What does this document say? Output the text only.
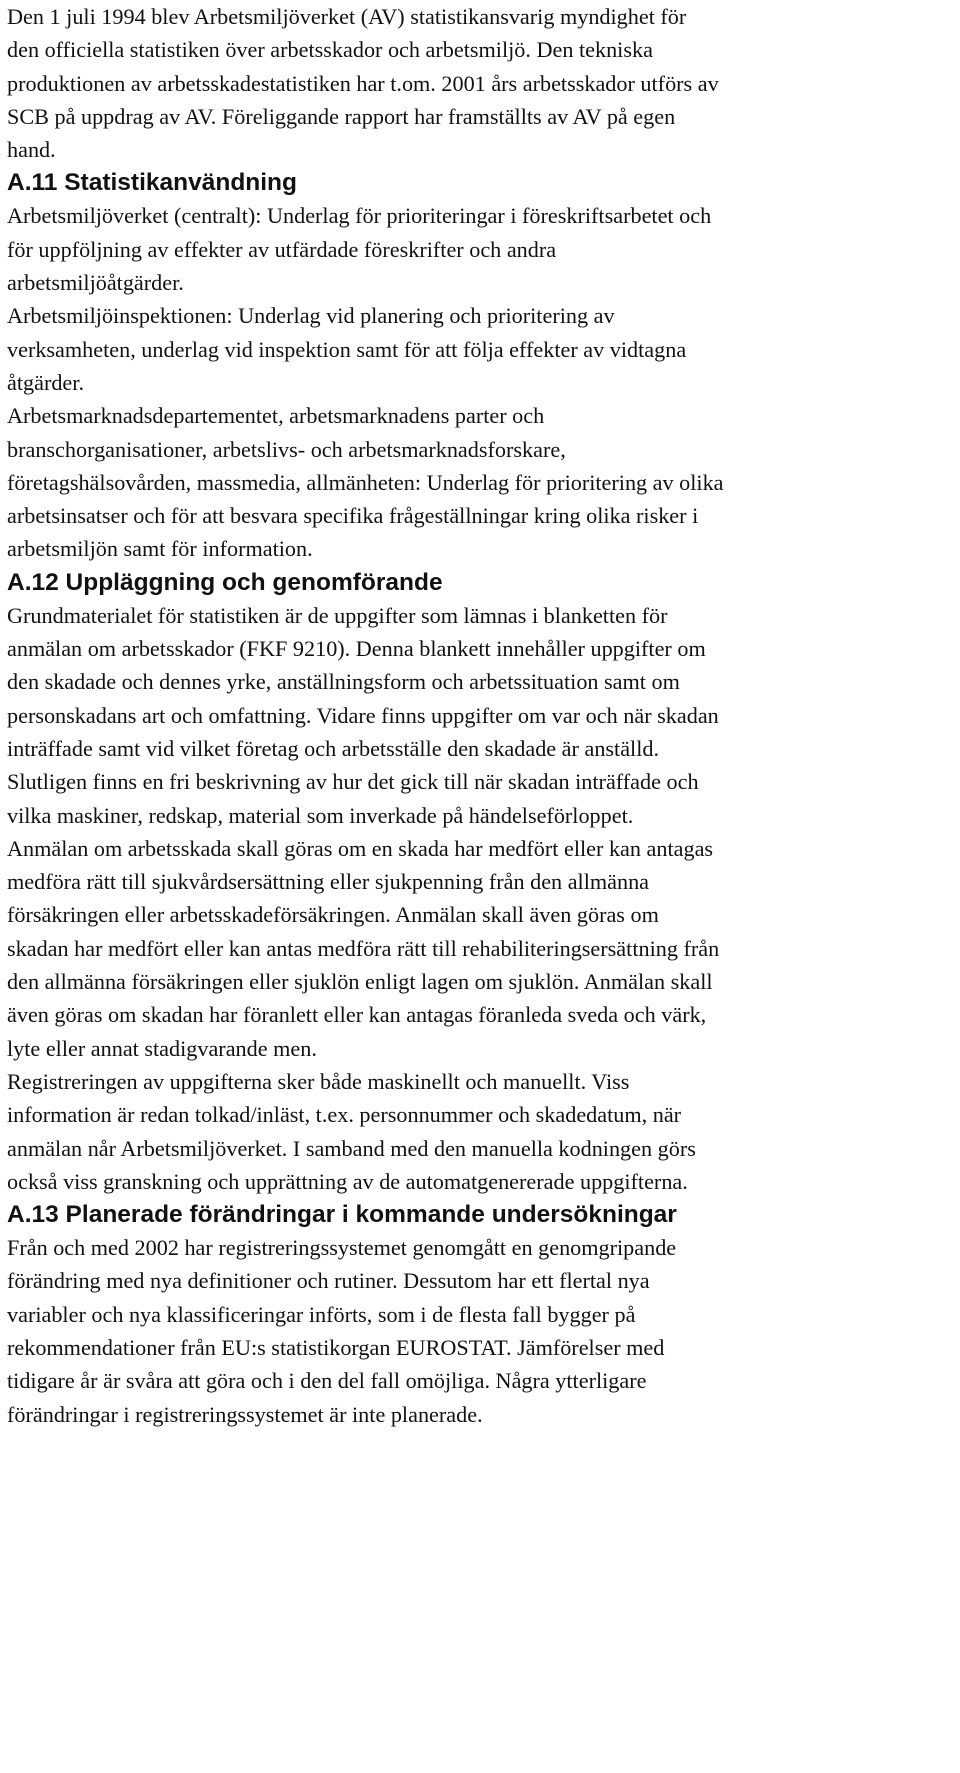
Den 1 juli 1994 blev Arbetsmiljöverket (AV) statistikansvarig myndighet för
den officiella statistiken över arbetsskador och arbetsmiljö. Den tekniska
produktionen av arbetsskadestatistiken har t.om. 2001 års arbetsskador utförs av
SCB på uppdrag av AV. Föreliggande rapport har framställts av AV på egen
hand.

A.11 Statistikanvändning

Arbetsmiljöverket (centralt): Underlag för prioriteringar i föreskriftsarbetet och
för uppföljning av effekter av utfärdade föreskrifter och andra
arbetsmiljöåtgärder.

Arbetsmiljöinspektionen: Underlag vid planering och prioritering av
verksamheten, underlag vid inspektion samt för att följa effekter av vidtagna
åtgärder.

Arbetsmarknadsdepartementet, arbetsmarknadens parter och
branschorganisationer, arbetslivs- och arbetsmarknadsforskare,
företagshälsovården, massmedia, allmänheten: Underlag för prioritering av olika
arbetsinsatser och för att besvara specifika frågeställningar kring olika risker i
arbetsmiljön samt för information.

A.12 Uppläggning och genomförande

Grundmaterialet för statistiken är de uppgifter som lämnas i blanketten för
anmälan om arbetsskador (FKF 9210). Denna blankett innehåller uppgifter om
den skadade och dennes yrke, anställningsform och arbetssituation samt om
personskadans art och omfattning. Vidare finns uppgifter om var och när skadan
inträffade samt vid vilket företag och arbetsställe den skadade är anställd.
Slutligen finns en fri beskrivning av hur det gick till när skadan inträffade och
vilka maskiner, redskap, material som inverkade på händelseförloppet.

Anmälan om arbetsskada skall göras om en skada har medfört eller kan antagas
medföra rätt till sjukvårdsersättning eller sjukpenning från den allmänna
försäkringen eller arbetsskadeförsäkringen. Anmälan skall även göras om
skadan har medfört eller kan antas medföra rätt till rehabiliteringsersättning från
den allmänna försäkringen eller sjuklön enligt lagen om sjuklön. Anmälan skall
även göras om skadan har föranlett eller kan antagas föranleda sveda och värk,
lyte eller annat stadigvarande men.

Registreringen av uppgifterna sker både maskinellt och manuellt. Viss
information är redan tolkad/inläst, t.ex. personnummer och skadedatum, när
anmälan når Arbetsmiljöverket. I samband med den manuella kodningen görs
också viss granskning och upprättning av de automatgenererade uppgifterna.

A.13 Planerade förändringar i kommande undersökningar

Från och med 2002 har registreringssystemet genomgått en genomgripande
förändring med nya definitioner och rutiner. Dessutom har ett flertal nya
variabler och nya klassificeringar införts, som i de flesta fall bygger på
rekommendationer från EU:s statistikorgan EUROSTAT. Jämförelser med
tidigare år är svåra att göra och i den del fall omöjliga. Några ytterligare
förändringar i registreringssystemet är inte planerade.
